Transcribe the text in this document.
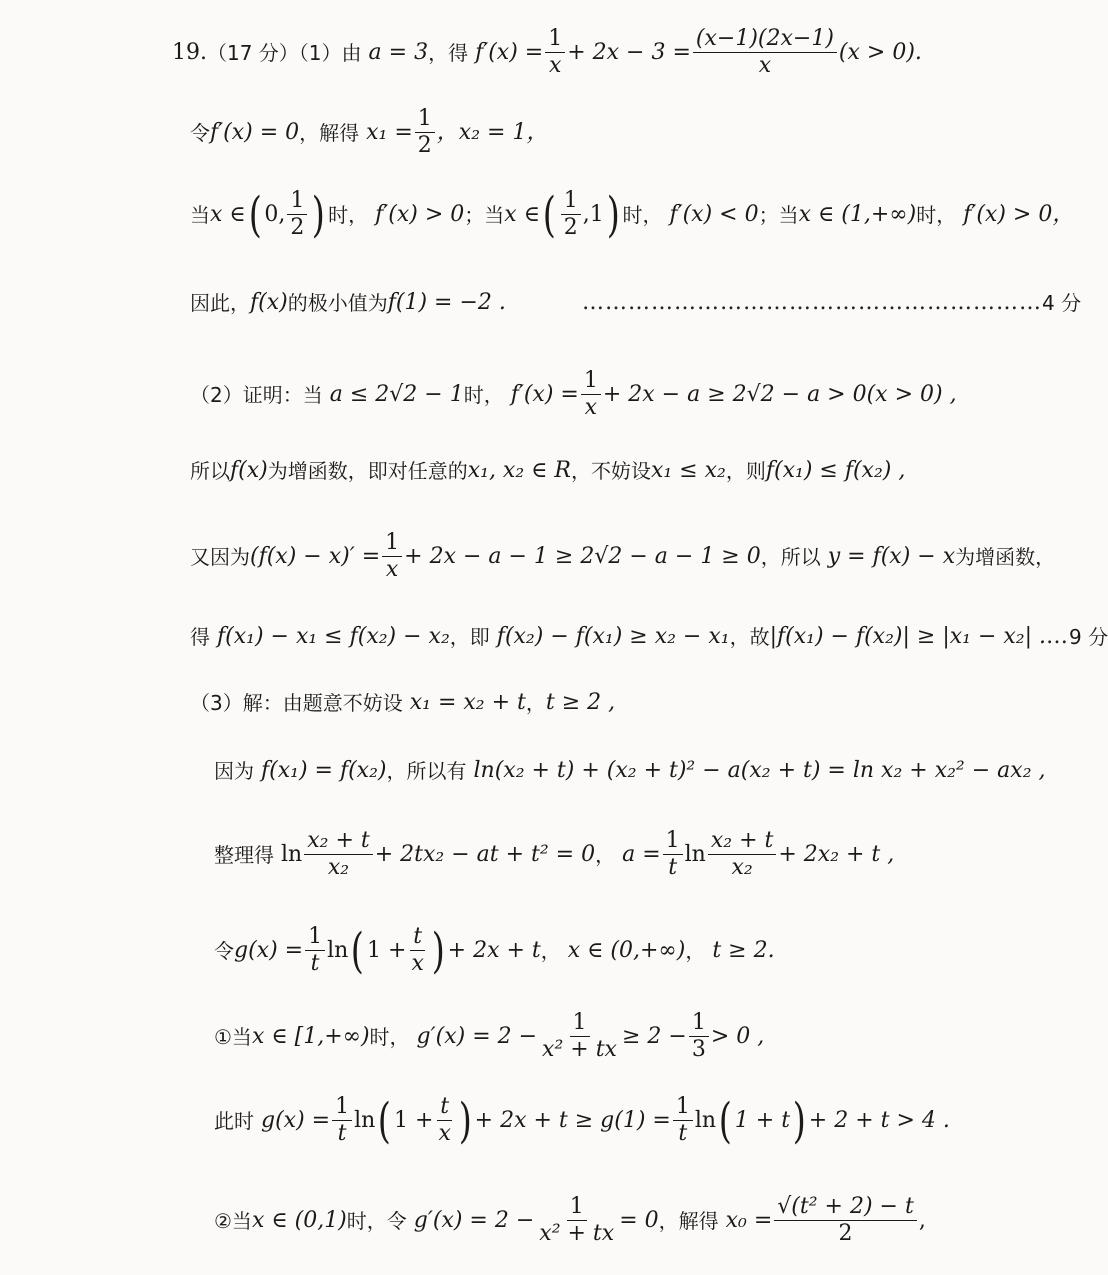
19. （17 分）（1）由
a = 3 ，得
$f'(x) = \frac{1}{x} + 2x - 3 = \frac{(x-1)(2x-1)}{x} (x > 0)$.
令 f′(x) = 0 ，解得
$x_1 = \frac{1}{2}$ ，x₂ = 1，
当 x ∈ ( 0, $\frac{1}{2}$ ) 时，
f′(x) > 0 ；当 x ∈ ( $\frac{1}{2} ,1$ ) 时，
f′(x) < 0 ；当 x ∈ (1,+∞) 时，
f′(x) > 0，
因此， f(x) 的极小值为 f(1) = −2 .	…………………………………………………… 4 分
（2）证明：当
a ≤ 2√2 − 1 时，
$f'(x) = \frac{1}{x} + 2x - a \ge 2√2 - a > 0(x > 0)$ ,
所以 f(x) 为增函数，即对任意的 x₁, x₂ ∈ R ，不妨设 x₁ ≤ x₂ ，则 f(x₁) ≤ f(x₂) ,
又因为 $(f(x) - x)' = \frac{1}{x} + 2x - a - 1 \ge 2√2 - a - 1 \ge 0$ ，所以
y = f(x) − x 为增函数，
得
f(x₁) − x₁ ≤ f(x₂) − x₂ ，即
f(x₂) − f(x₁) ≥ x₂ − x₁ ，故 |f(x₁) − f(x₂)| ≥ |x₁ − x₂| . … 9 分
（3）解：由题意不妨设
x₁ = x₂ + t ， t ≥ 2 ,
因为
f(x₁) = f(x₂) ，所以有
ln(x₂ + t) + (x₂ + t)² − a(x₂ + t) = ln x₂ + x₂² − ax₂ ,
整理得
$\ln \frac{\text{x₂ + t}}{\text{x₂}} + 2tx_2$ − at + t² = 0 ，
$a = \frac{1}{t}$ $\ln \frac{\text{x₂ + t}}{\text{x₂}} + 2x_2 + t$ ,
令 $g(x) = \frac{1}{t}$ ln ( $1 + \frac{t}{x}$ ) + 2x + t ，
x ∈ (0,+∞) ，
t ≥ 2.
①当 x ∈ [1,+∞) 时，
$g'(x) = 2 - \frac{1}{\text{x² + tx}} \ge 2 - \frac{1}{3} > 0$ ,
此时
$g(x) = \frac{1}{t}$ ln ( $1 + \frac{t}{x}$ ) + $2x + t \ge g(1) = \frac{1}{t}$ ln ( 1 + t ) + 2 + t > 4 .
②当 x ∈ (0,1) 时，令
$g'(x) = 2 - \frac{1}{\text{x² + tx}} = 0$ ，解得
$x_0 = \frac{\text{√(t² + 2) − t}}{2}$ ,
